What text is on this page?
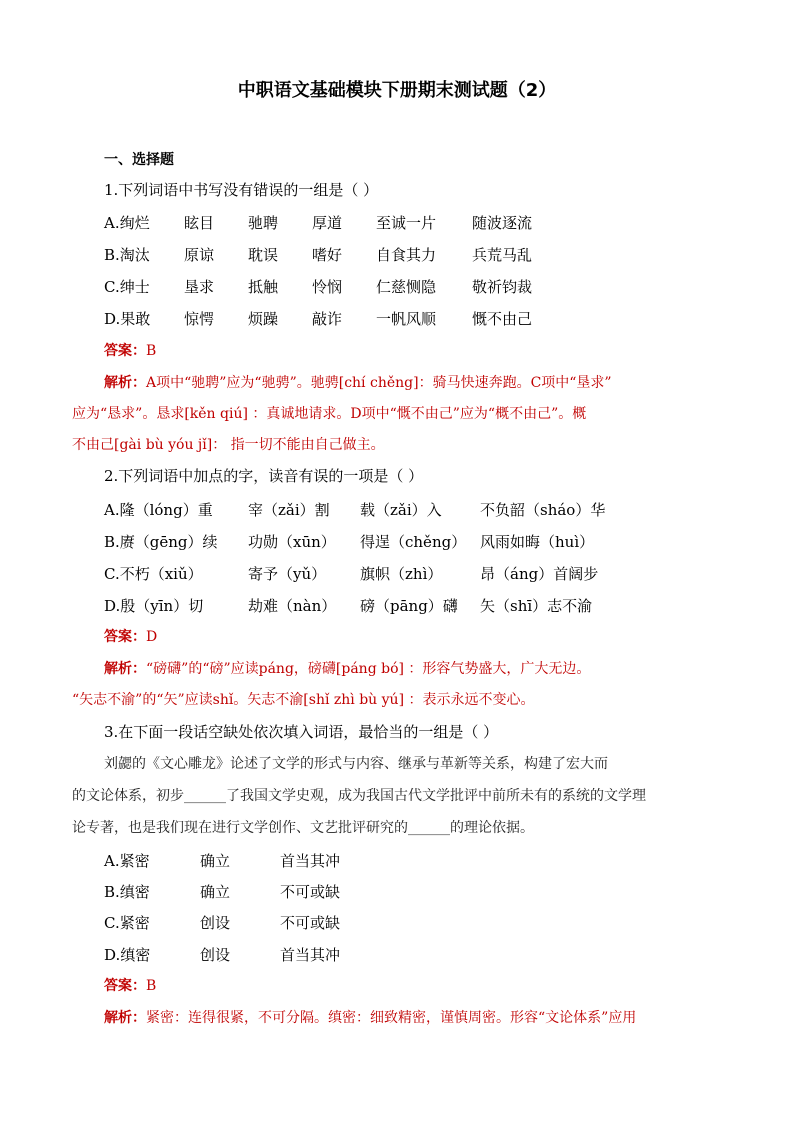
中职语文基础模块下册期末测试题（2）
一、选择题
1.下列词语中书写没有错误的一组是（ ）
A.绚烂 眩目 驰聘 厚道 至诚一片 随波逐流
B.淘汰 原谅 耽误 嗜好 自食其力 兵荒马乱
C.绅士 垦求 抵触 怜悯 仁慈恻隐 敬祈钧裁
D.果敢 惊愕 烦躁 敲诈 一帆风顺 慨不由己
答案：B
解析：A项中“驰聘”应为“驰骋”。驰骋[chí chěng]：骑马快速奔跑。C项中“垦求”
应为“恳求”。恳求[kěn qiú] ：真诚地请求。D项中“慨不由己”应为“概不由己”。概
不由己[gài bù yóu jǐ]： 指一切不能由自己做主。
2.下列词语中加点的字，读音有误的一项是（ ）
A.隆（lóng）重 宰（zǎi）割 载（zǎi）入	不负韶（sháo）华
B.赓（gēng）续 功勋（xūn） 得逞（chěng） 风雨如晦（huì）
C.不朽（xiǔ）	寄予（yǔ） 旗帜（zhì）	昂（áng）首阔步
D.殷（yīn）切	劫难（nàn） 磅（pāng）礴 矢（shī）志不渝
答案：D
解析：“磅礴”的“磅”应读páng，磅礴[páng bó] ：形容气势盛大，广大无边。
“矢志不渝”的“矢”应读shǐ。矢志不渝[shǐ zhì bù yú] ：表示永远不变心。
3.在下面一段话空缺处依次填入词语，最恰当的一组是（ ）
刘勰的《文心雕龙》论述了文学的形式与内容、继承与革新等关系，构建了宏大而
的文论体系，初步______了我国文学史观，成为我国古代文学批评中前所未有的系统的文学理
论专著，也是我们现在进行文学创作、文艺批评研究的______的理论依据。
A.紧密	确立	首当其冲
B.缜密	确立	不可或缺
C.紧密	创设	不可或缺
D.缜密	创设	首当其冲
答案：B
解析：紧密：连得很紧，不可分隔。缜密：细致精密，谨慎周密。形容“文论体系”应用
